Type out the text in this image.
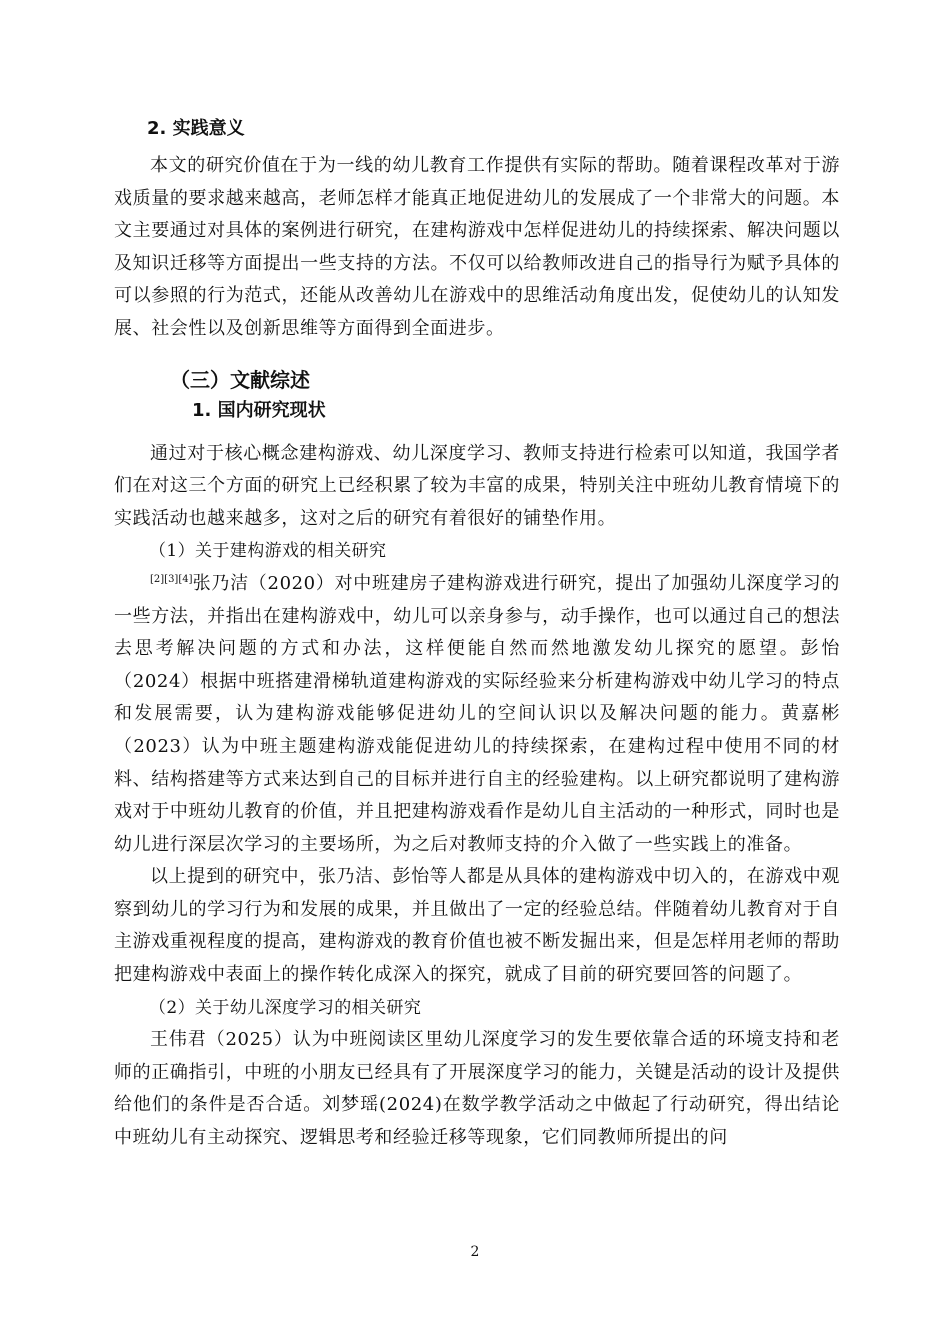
2. 实践意义

本文的研究价值在于为一线的幼儿教育工作提供有实际的帮助。随着课程改革对于游戏质量的要求越来越高，老师怎样才能真正地促进幼儿的发展成了一个非常大的问题。本文主要通过对具体的案例进行研究，在建构游戏中怎样促进幼儿的持续探索、解决问题以及知识迁移等方面提出一些支持的方法。不仅可以给教师改进自己的指导行为赋予具体的可以参照的行为范式，还能从改善幼儿在游戏中的思维活动角度出发，促使幼儿的认知发展、社会性以及创新思维等方面得到全面进步。

（三）文献综述
1. 国内研究现状

通过对于核心概念建构游戏、幼儿深度学习、教师支持进行检索可以知道，我国学者们在对这三个方面的研究上已经积累了较为丰富的成果，特别关注中班幼儿教育情境下的实践活动也越来越多，这对之后的研究有着很好的铺垫作用。

（1）关于建构游戏的相关研究

[2][3][4]张乃洁（2020）对中班建房子建构游戏进行研究，提出了加强幼儿深度学习的一些方法，并指出在建构游戏中，幼儿可以亲身参与，动手操作，也可以通过自己的想法去思考解决问题的方式和办法，这样便能自然而然地激发幼儿探究的愿望。彭怡（2024）根据中班搭建滑梯轨道建构游戏的实际经验来分析建构游戏中幼儿学习的特点和发展需要，认为建构游戏能够促进幼儿的空间认识以及解决问题的能力。黄嘉彬（2023）认为中班主题建构游戏能促进幼儿的持续探索，在建构过程中使用不同的材料、结构搭建等方式来达到自己的目标并进行自主的经验建构。以上研究都说明了建构游戏对于中班幼儿教育的价值，并且把建构游戏看作是幼儿自主活动的一种形式，同时也是幼儿进行深层次学习的主要场所，为之后对教师支持的介入做了一些实践上的准备。

以上提到的研究中，张乃洁、彭怡等人都是从具体的建构游戏中切入的，在游戏中观察到幼儿的学习行为和发展的成果，并且做出了一定的经验总结。伴随着幼儿教育对于自主游戏重视程度的提高，建构游戏的教育价值也被不断发掘出来，但是怎样用老师的帮助把建构游戏中表面上的操作转化成深入的探究，就成了目前的研究要回答的问题了。

（2）关于幼儿深度学习的相关研究

王伟君（2025）认为中班阅读区里幼儿深度学习的发生要依靠合适的环境支持和老师的正确指引，中班的小朋友已经具有了开展深度学习的能力，关键是活动的设计及提供给他们的条件是否合适。刘梦瑶(2024)在数学教学活动之中做起了行动研究，得出结论中班幼儿有主动探究、逻辑思考和经验迁移等现象，它们同教师所提出的问

2
